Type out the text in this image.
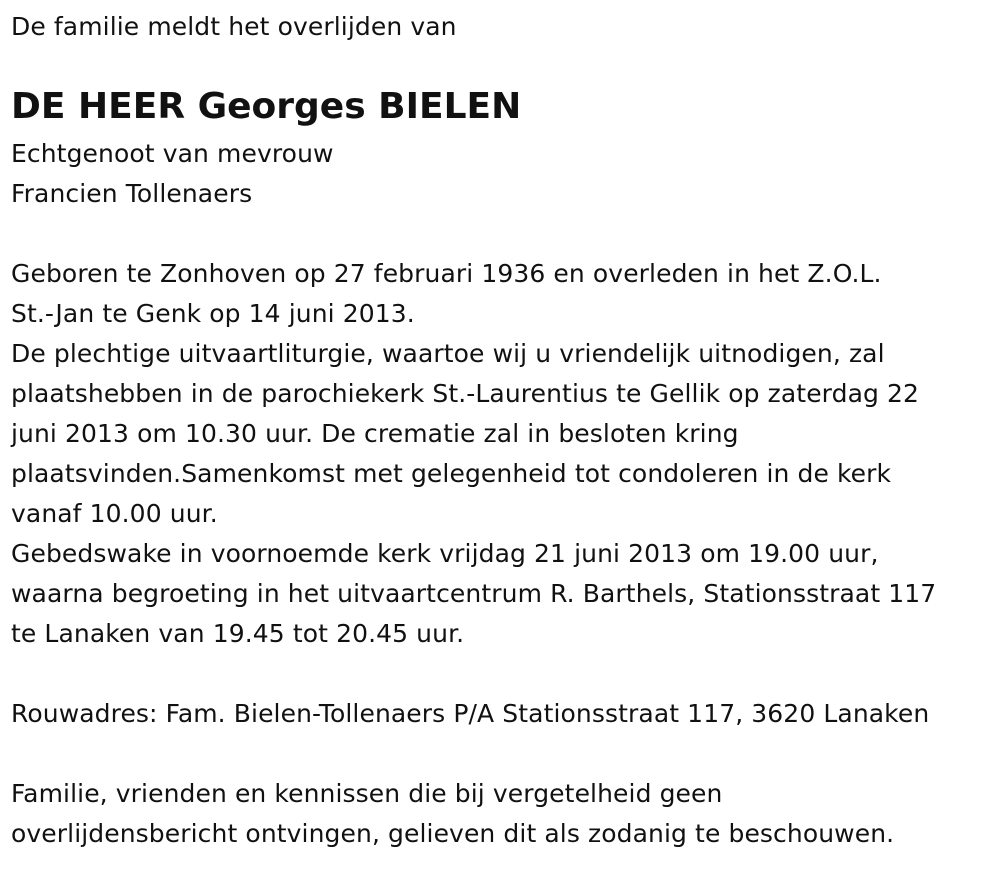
De familie meldt het overlijden van
DE HEER Georges BIELEN
Echtgenoot van mevrouw
Francien Tollenaers
Geboren te Zonhoven op 27 februari 1936 en overleden in het Z.O.L.
St.-Jan te Genk op 14 juni 2013.
De plechtige uitvaartliturgie, waartoe wij u vriendelijk uitnodigen, zal
plaatshebben in de parochiekerk St.-Laurentius te Gellik op zaterdag 22
juni 2013 om 10.30 uur. De crematie zal in besloten kring
plaatsvinden.Samenkomst met gelegenheid tot condoleren in de kerk
vanaf 10.00 uur.
Gebedswake in voornoemde kerk vrijdag 21 juni 2013 om 19.00 uur,
waarna begroeting in het uitvaartcentrum R. Barthels, Stationsstraat 117
te Lanaken van 19.45 tot 20.45 uur.
Rouwadres: Fam. Bielen-Tollenaers P/A Stationsstraat 117, 3620 Lanaken
Familie, vrienden en kennissen die bij vergetelheid geen
overlijdensbericht ontvingen, gelieven dit als zodanig te beschouwen.
